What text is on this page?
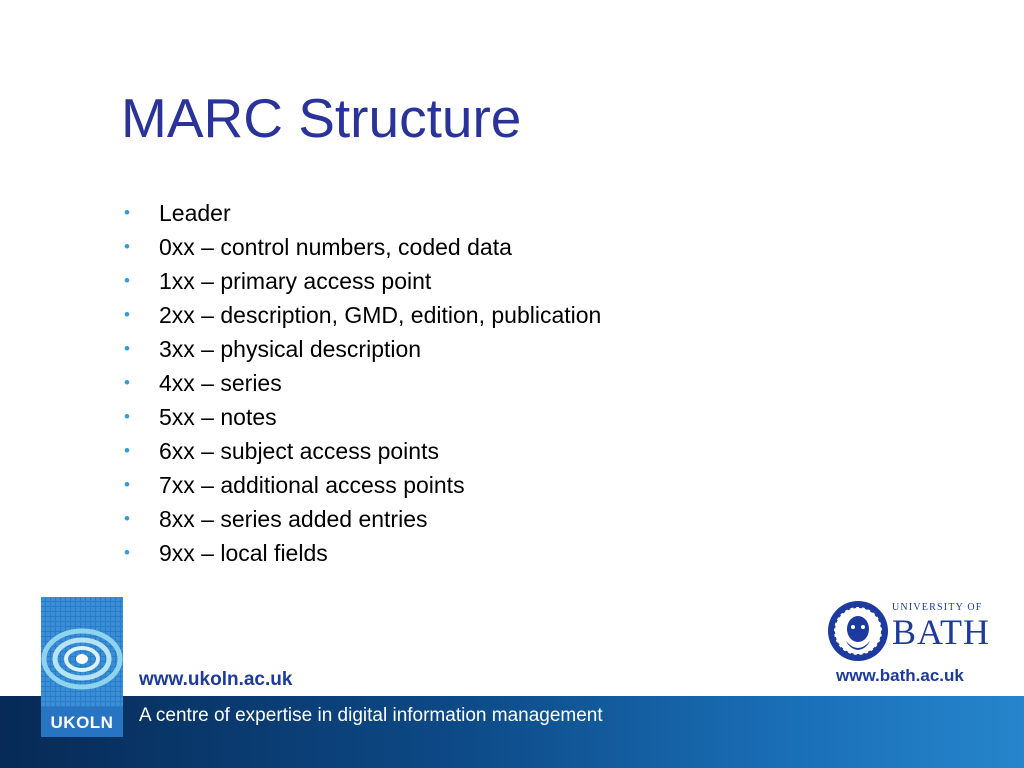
MARC Structure
•	Leader
•	0xx – control numbers, coded data
•	1xx – primary access point
•	2xx – description, GMD, edition, publication
•	3xx – physical description
•	4xx – series
•	5xx – notes
•	6xx – subject access points
•	7xx – additional access points
•	8xx – series added entries
•	9xx – local fields
UKOLN
www.ukoln.ac.uk
A centre of expertise in digital information management
UNIVERSITY OF
BATH
www.bath.ac.uk
